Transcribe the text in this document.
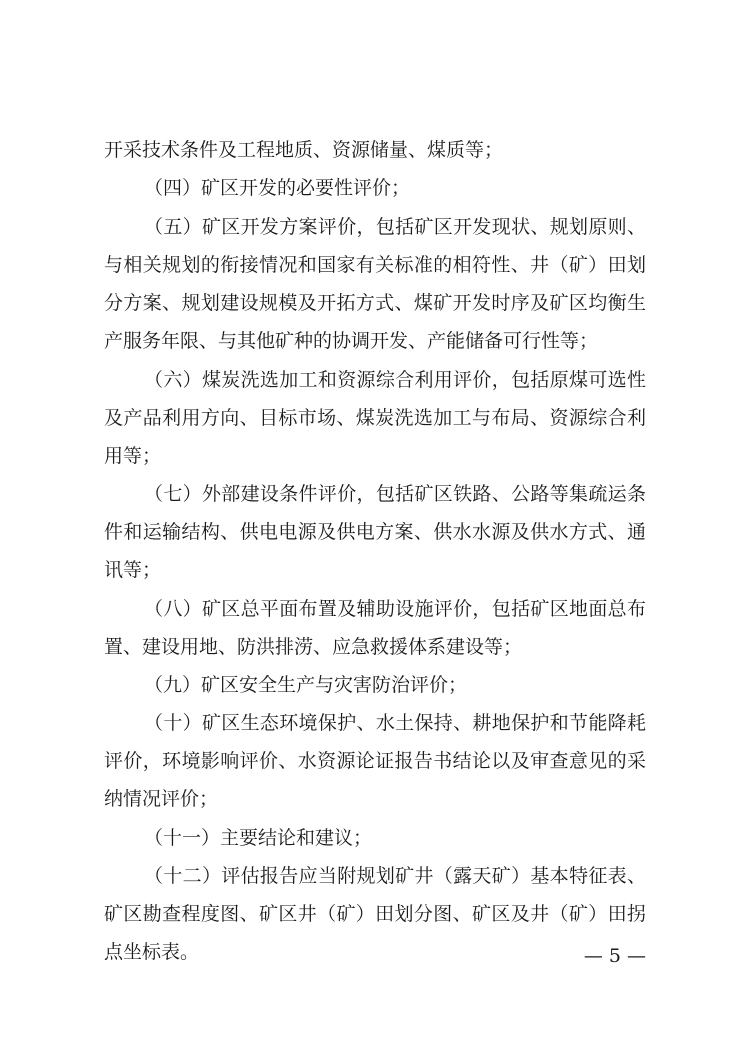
开采技术条件及工程地质、资源储量、煤质等；

（四）矿区开发的必要性评价；

（五）矿区开发方案评价，包括矿区开发现状、规划原则、

与相关规划的衔接情况和国家有关标准的相符性、井（矿）田划

分方案、规划建设规模及开拓方式、煤矿开发时序及矿区均衡生

产服务年限、与其他矿种的协调开发、产能储备可行性等；

（六）煤炭洗选加工和资源综合利用评价，包括原煤可选性

及产品利用方向、目标市场、煤炭洗选加工与布局、资源综合利

用等；

（七）外部建设条件评价，包括矿区铁路、公路等集疏运条

件和运输结构、供电电源及供电方案、供水水源及供水方式、通

讯等；

（八）矿区总平面布置及辅助设施评价，包括矿区地面总布

置、建设用地、防洪排涝、应急救援体系建设等；

（九）矿区安全生产与灾害防治评价；

（十）矿区生态环境保护、水土保持、耕地保护和节能降耗

评价，环境影响评价、水资源论证报告书结论以及审查意见的采

纳情况评价；

（十一）主要结论和建议；

（十二）评估报告应当附规划矿井（露天矿）基本特征表、

矿区勘查程度图、矿区井（矿）田划分图、矿区及井（矿）田拐

点坐标表。	— 5 —
